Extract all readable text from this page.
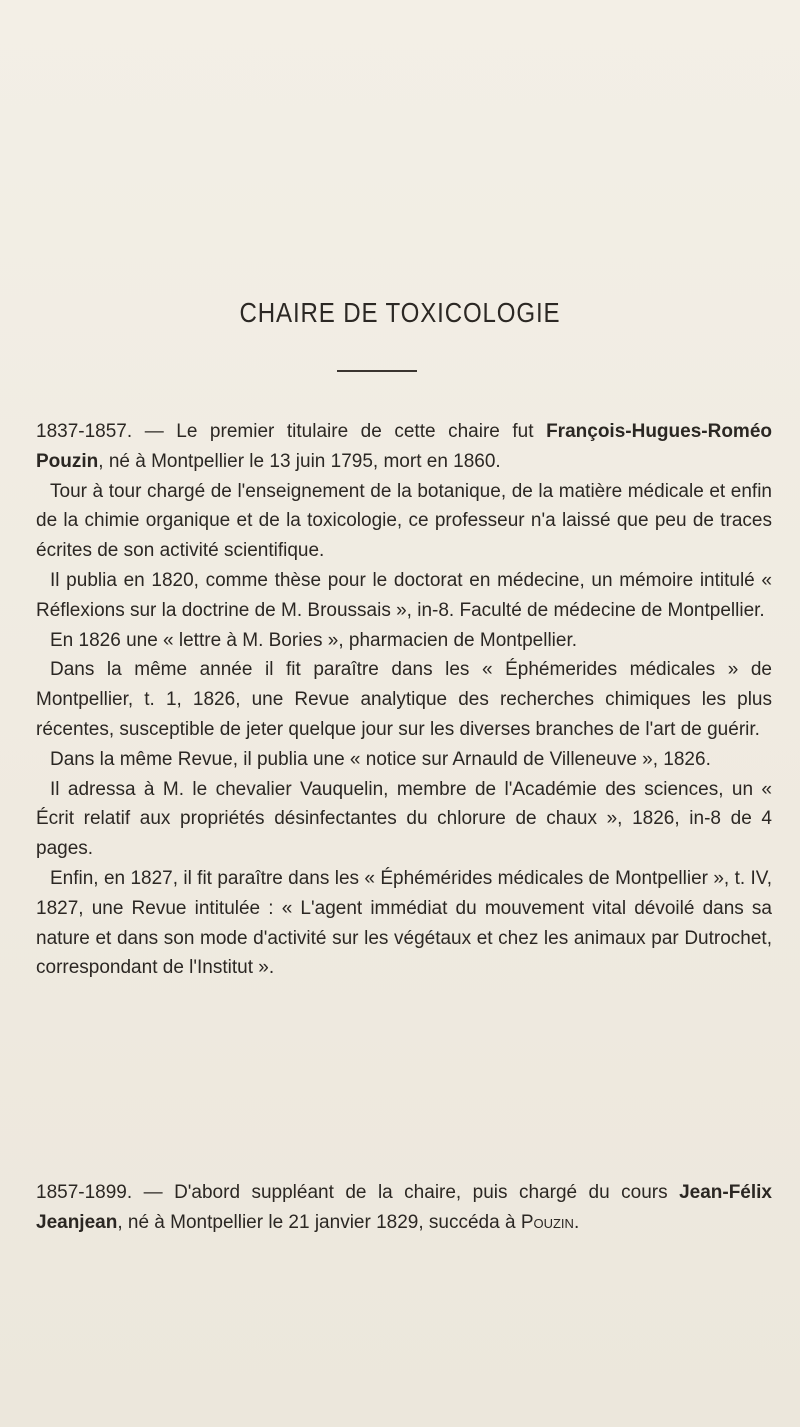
CHAIRE DE TOXICOLOGIE

1837-1857. — Le premier titulaire de cette chaire fut François-Hugues-Roméo Pouzin, né à Montpellier le 13 juin 1795, mort en 1860.

Tour à tour chargé de l'enseignement de la botanique, de la matière médicale et enfin de la chimie organique et de la toxicologie, ce professeur n'a laissé que peu de traces écrites de son activité scientifique.

Il publia en 1820, comme thèse pour le doctorat en médecine, un mémoire intitulé « Réflexions sur la doctrine de M. Broussais », in-8. Faculté de médecine de Montpellier.

En 1826 une « lettre à M. Bories », pharmacien de Montpellier.

Dans la même année il fit paraître dans les « Éphémerides médicales » de Montpellier, t. 1, 1826, une Revue analytique des recherches chimiques les plus récentes, susceptible de jeter quelque jour sur les diverses branches de l'art de guérir.

Dans la même Revue, il publia une « notice sur Arnauld de Villeneuve », 1826.

Il adressa à M. le chevalier Vauquelin, membre de l'Académie des sciences, un « Écrit relatif aux propriétés désinfectantes du chlorure de chaux », 1826, in-8 de 4 pages.

Enfin, en 1827, il fit paraître dans les « Éphémérides médicales de Montpellier », t. IV, 1827, une Revue intitulée : « L'agent immédiat du mouvement vital dévoilé dans sa nature et dans son mode d'activité sur les végétaux et chez les animaux par Dutrochet, correspondant de l'Institut ».

1857-1899. — D'abord suppléant de la chaire, puis chargé du cours Jean-Félix Jeanjean, né à Montpellier le 21 janvier 1829, succéda à Pouzin.
